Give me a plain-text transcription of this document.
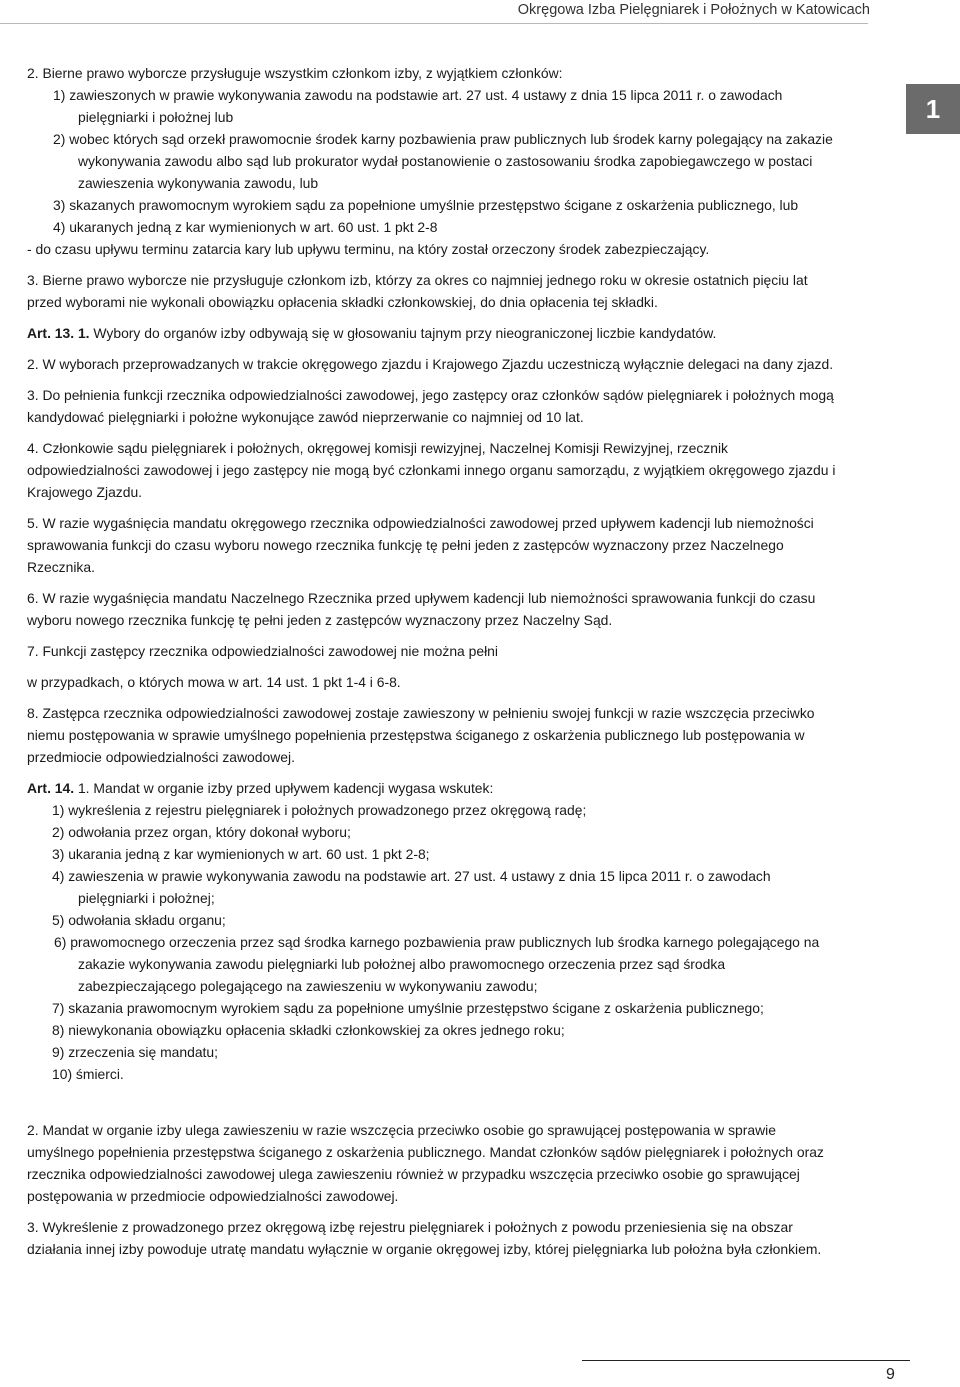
Okręgowa Izba Pielęgniarek i Położnych w Katowicach
1

2. Bierne prawo wyborcze przysługuje wszystkim członkom izby, z wyjątkiem członków:

1) zawieszonych w prawie wykonywania zawodu na podstawie art. 27 ust. 4 ustawy z dnia 15 lipca 2011 r. o zawodach pielęgniarki i położnej lub

2) wobec których sąd orzekł prawomocnie środek karny pozbawienia praw publicznych lub środek karny polegający na zakazie wykonywania zawodu albo sąd lub prokurator wydał postanowienie o zastosowaniu środka zapobiegawczego w postaci zawieszenia wykonywania zawodu, lub

3) skazanych prawomocnym wyrokiem sądu za popełnione umyślnie przestępstwo ścigane z oskarżenia publicznego, lub

4) ukaranych jedną z kar wymienionych w art. 60 ust. 1 pkt 2-8

- do czasu upływu terminu zatarcia kary lub upływu terminu, na który został orzeczony środek zabezpieczający.

3. Bierne prawo wyborcze nie przysługuje członkom izb, którzy za okres co najmniej jednego roku w okresie ostatnich pięciu lat przed wyborami nie wykonali obowiązku opłacenia składki członkowskiej, do dnia opłacenia tej składki.

Art. 13. 1. Wybory do organów izby odbywają się w głosowaniu tajnym przy nieograniczonej liczbie kandydatów.

2. W wyborach przeprowadzanych w trakcie okręgowego zjazdu i Krajowego Zjazdu uczestniczą wyłącznie delegaci na dany zjazd.

3. Do pełnienia funkcji rzecznika odpowiedzialności zawodowej, jego zastępcy oraz członków sądów pielęgniarek i położnych mogą kandydować pielęgniarki i położne wykonujące zawód nieprzerwanie co najmniej od 10 lat.

4. Członkowie sądu pielęgniarek i położnych, okręgowej komisji rewizyjnej, Naczelnej Komisji Rewizyjnej, rzecznik odpowiedzialności zawodowej i jego zastępcy nie mogą być członkami innego organu samorządu, z wyjątkiem okręgowego zjazdu i Krajowego Zjazdu.

5. W razie wygaśnięcia mandatu okręgowego rzecznika odpowiedzialności zawodowej przed upływem kadencji lub niemożności sprawowania funkcji do czasu wyboru nowego rzecznika funkcję tę pełni jeden z zastępców wyznaczony przez Naczelnego Rzecznika.

6. W razie wygaśnięcia mandatu Naczelnego Rzecznika przed upływem kadencji lub niemożności sprawowania funkcji do czasu wyboru nowego rzecznika funkcję tę pełni jeden z zastępców wyznaczony przez Naczelny Sąd.

7. Funkcji zastępcy rzecznika odpowiedzialności zawodowej nie można pełni

w przypadkach, o których mowa w art. 14 ust. 1 pkt 1-4 i 6-8.

8. Zastępca rzecznika odpowiedzialności zawodowej zostaje zawieszony w pełnieniu swojej funkcji w razie wszczęcia przeciwko niemu postępowania w sprawie umyślnego popełnienia przestępstwa ściganego z oskarżenia publicznego lub postępowania w przedmiocie odpowiedzialności zawodowej.

Art. 14. 1. Mandat w organie izby przed upływem kadencji wygasa wskutek:

1) wykreślenia z rejestru pielęgniarek i położnych prowadzonego przez okręgową radę;

2) odwołania przez organ, który dokonał wyboru;

3) ukarania jedną z kar wymienionych w art. 60 ust. 1 pkt 2-8;

4) zawieszenia w prawie wykonywania zawodu na podstawie art. 27 ust. 4 ustawy z dnia 15 lipca 2011 r. o zawodach pielęgniarki i położnej;

5) odwołania składu organu;

6) prawomocnego orzeczenia przez sąd środka karnego pozbawienia praw publicznych lub środka karnego polegającego na zakazie wykonywania zawodu pielęgniarki lub położnej albo prawomocnego orzeczenia przez sąd środka zabezpieczającego polegającego na zawieszeniu w wykonywaniu zawodu;

7) skazania prawomocnym wyrokiem sądu za popełnione umyślnie przestępstwo ścigane z oskarżenia publicznego;

8) niewykonania obowiązku opłacenia składki członkowskiej za okres jednego roku;

9) zrzeczenia się mandatu;

10) śmierci.

2. Mandat w organie izby ulega zawieszeniu w razie wszczęcia przeciwko osobie go sprawującej postępowania w sprawie umyślnego popełnienia przestępstwa ściganego z oskarżenia publicznego. Mandat członków sądów pielęgniarek i położnych oraz rzecznika odpowiedzialności zawodowej ulega zawieszeniu również w przypadku wszczęcia przeciwko osobie go sprawującej postępowania w przedmiocie odpowiedzialności zawodowej.

3. Wykreślenie z prowadzonego przez okręgową izbę rejestru pielęgniarek i położnych z powodu przeniesienia się na obszar działania innej izby powoduje utratę mandatu wyłącznie w organie okręgowej izby, której pielęgniarka lub położna była członkiem.

9
